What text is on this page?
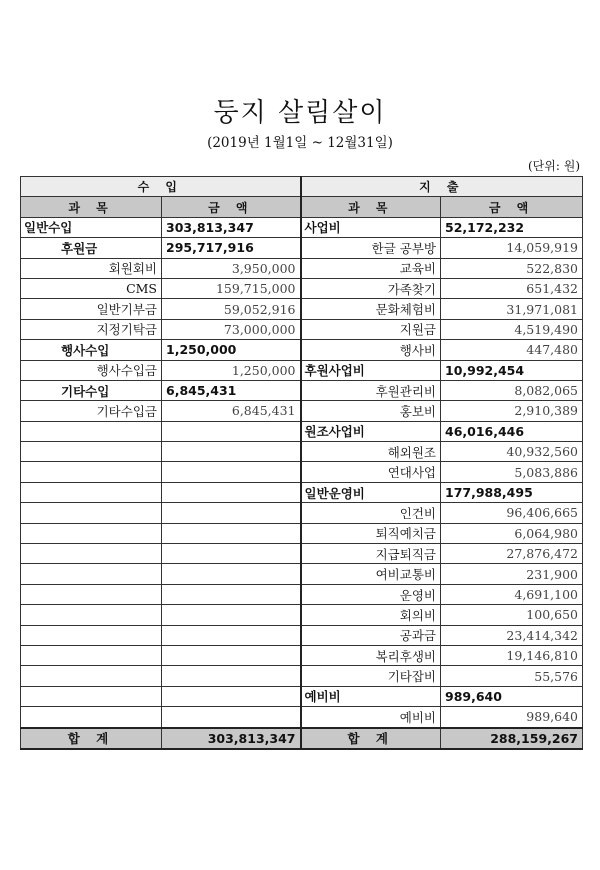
둥지 살림살이
(2019년 1월1일 ~ 12월31일)
(단위: 원)
수 입		지 출	
과 목	금 액	과 목	금 액
일반수입	303,813,347	사업비	52,172,232
후원금	295,717,916	한글 공부방	14,059,919
회원회비	3,950,000	교육비	522,830
CMS	159,715,000	가족찾기	651,432
일반기부금	59,052,916	문화체험비	31,971,081
지정기탁금	73,000,000	지원금	4,519,490
행사수입	1,250,000	행사비	447,480
행사수입금	1,250,000	후원사업비	10,992,454
기타수입	6,845,431	후원관리비	8,082,065
기타수입금	6,845,431	홍보비	2,910,389
		원조사업비	46,016,446
		해외원조	40,932,560
		연대사업	5,083,886
		일반운영비	177,988,495
		인건비	96,406,665
		퇴직예치금	6,064,980
		지급퇴직금	27,876,472
		여비교통비	231,900
		운영비	4,691,100
		회의비	100,650
		공과금	23,414,342
		복리후생비	19,146,810
		기타잡비	55,576
		예비비	989,640
		예비비	989,640
합 계	303,813,347	합 계	288,159,267
